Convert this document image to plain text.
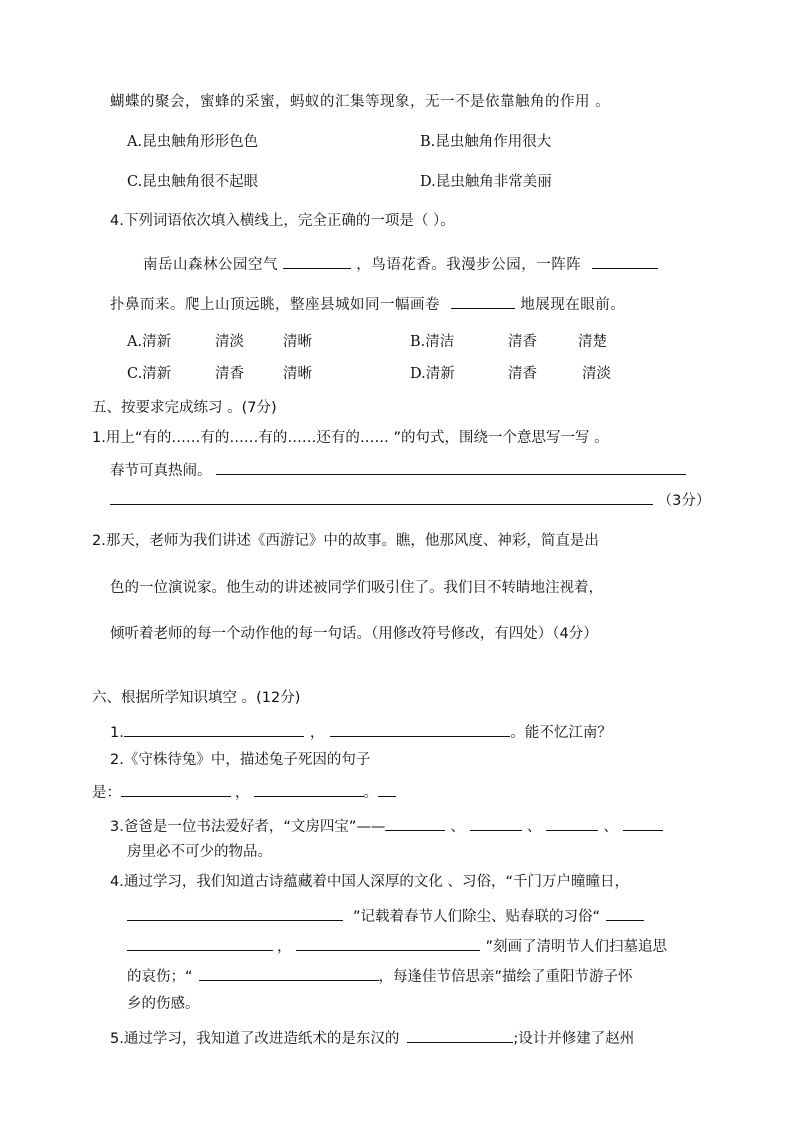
蝴蝶的聚会，蜜蜂的采蜜，蚂蚁的汇集等现象，无一不是依靠触角的作用 。
A.昆虫触角形形色色	B.昆虫触角作用很大
C.昆虫触角很不起眼	D.昆虫触角非常美丽
4.下列词语依次填入横线上，完全正确的一项是（ ）。
南岳山森林公园空气	，鸟语花香。我漫步公园，一阵阵
扑鼻而来。爬上山顶远眺，整座县城如同一幅画卷	地展现在眼前。
A.清新	清淡	清晰	B.清洁	清香	清楚
C.清新	清香	清晰	D.清新	清香	清淡
五、按要求完成练习 。(7分)
1.用上“有的……有的……有的……还有的…… ”的句式，围绕一个意思写一写 。
春节可真热闹。
（3分）
2.那天，老师为我们讲述《西游记》中的故事。瞧，他那风度、神彩，简直是出
色的一位演说家。他生动的讲述被同学们吸引住了。我们目不转睛地注视着，
倾听着老师的每一个动作他的每一句话。（用修改符号修改，有四处）（4分）
六、根据所学知识填空 。(12分)
1.	，	。能不忆江南？
2.《守株待兔》中，描述兔子死因的句子
是：	，	。
3.爸爸是一位书法爱好者，“文房四宝”——	、	、	、
房里必不可少的物品。
4.通过学习，我们知道古诗蕴藏着中国人深厚的文化 、习俗，“千门万户曈曈日，
”记载着春节人们除尘、贴春联的习俗“
，	”刻画了清明节人们扫墓追思
的哀伤；“	，每逢佳节倍思亲”描绘了重阳节游子怀
乡的伤感。
5.通过学习，我知道了改进造纸术的是东汉的	;设计并修建了赵州
